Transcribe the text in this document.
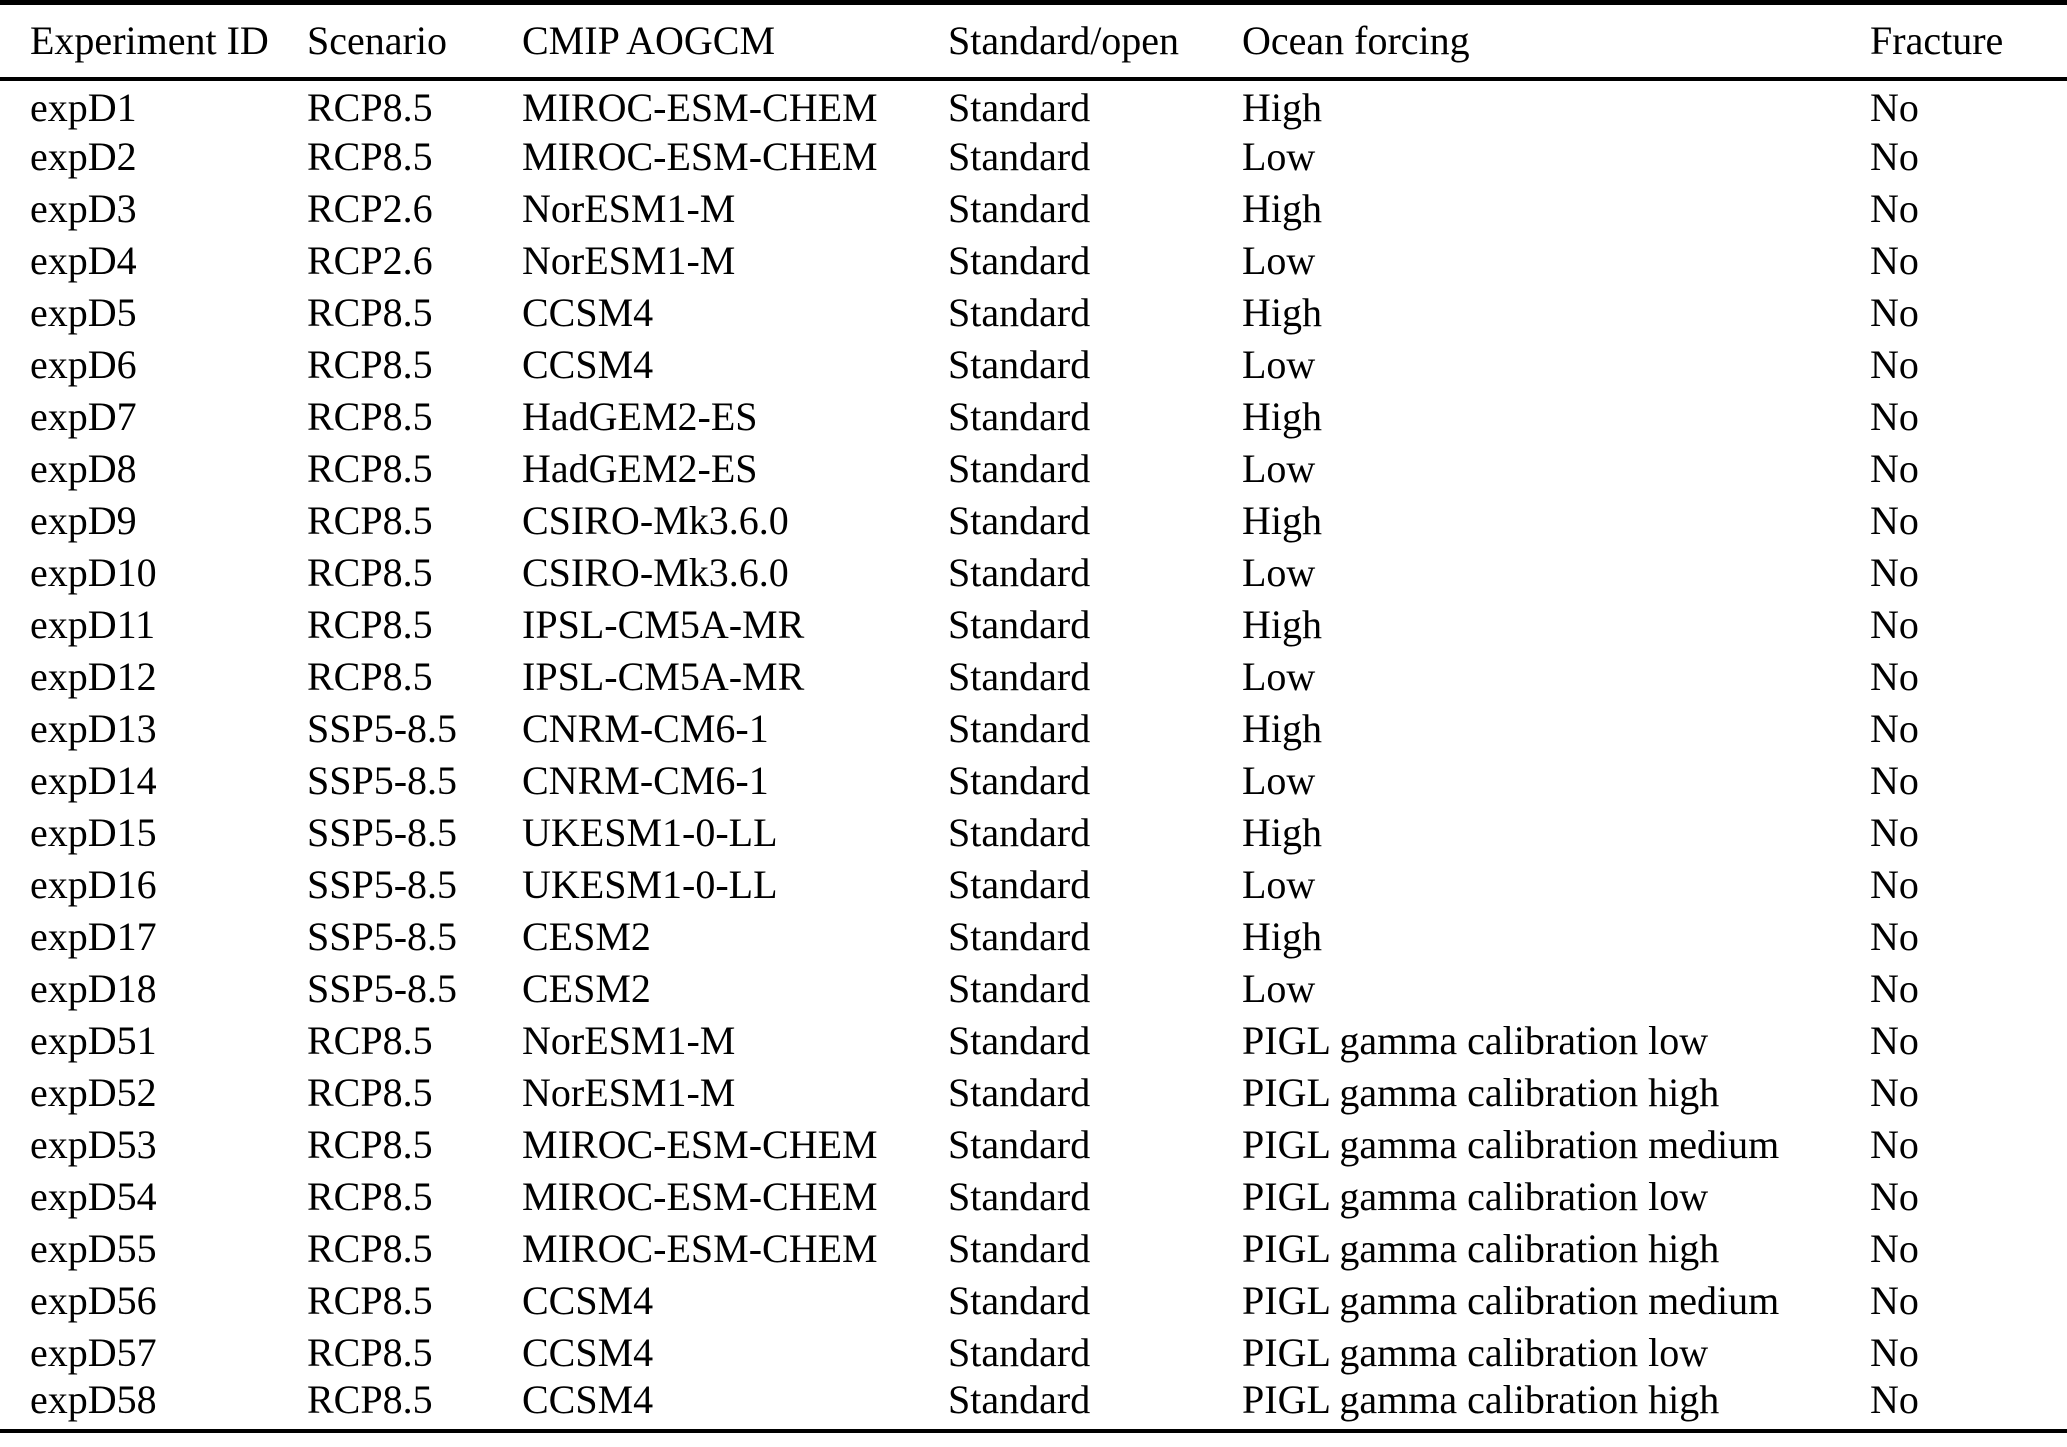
Experiment ID	Scenario	CMIP AOGCM	Standard/open	Ocean forcing	Fracture
expD1	RCP8.5	MIROC-ESM-CHEM	Standard	High	No
expD2	RCP8.5	MIROC-ESM-CHEM	Standard	Low	No
expD3	RCP2.6	NorESM1-M	Standard	High	No
expD4	RCP2.6	NorESM1-M	Standard	Low	No
expD5	RCP8.5	CCSM4	Standard	High	No
expD6	RCP8.5	CCSM4	Standard	Low	No
expD7	RCP8.5	HadGEM2-ES	Standard	High	No
expD8	RCP8.5	HadGEM2-ES	Standard	Low	No
expD9	RCP8.5	CSIRO-Mk3.6.0	Standard	High	No
expD10	RCP8.5	CSIRO-Mk3.6.0	Standard	Low	No
expD11	RCP8.5	IPSL-CM5A-MR	Standard	High	No
expD12	RCP8.5	IPSL-CM5A-MR	Standard	Low	No
expD13	SSP5-8.5	CNRM-CM6-1	Standard	High	No
expD14	SSP5-8.5	CNRM-CM6-1	Standard	Low	No
expD15	SSP5-8.5	UKESM1-0-LL	Standard	High	No
expD16	SSP5-8.5	UKESM1-0-LL	Standard	Low	No
expD17	SSP5-8.5	CESM2	Standard	High	No
expD18	SSP5-8.5	CESM2	Standard	Low	No
expD51	RCP8.5	NorESM1-M	Standard	PIGL gamma calibration low	No
expD52	RCP8.5	NorESM1-M	Standard	PIGL gamma calibration high	No
expD53	RCP8.5	MIROC-ESM-CHEM	Standard	PIGL gamma calibration medium	No
expD54	RCP8.5	MIROC-ESM-CHEM	Standard	PIGL gamma calibration low	No
expD55	RCP8.5	MIROC-ESM-CHEM	Standard	PIGL gamma calibration high	No
expD56	RCP8.5	CCSM4	Standard	PIGL gamma calibration medium	No
expD57	RCP8.5	CCSM4	Standard	PIGL gamma calibration low	No
expD58	RCP8.5	CCSM4	Standard	PIGL gamma calibration high	No
